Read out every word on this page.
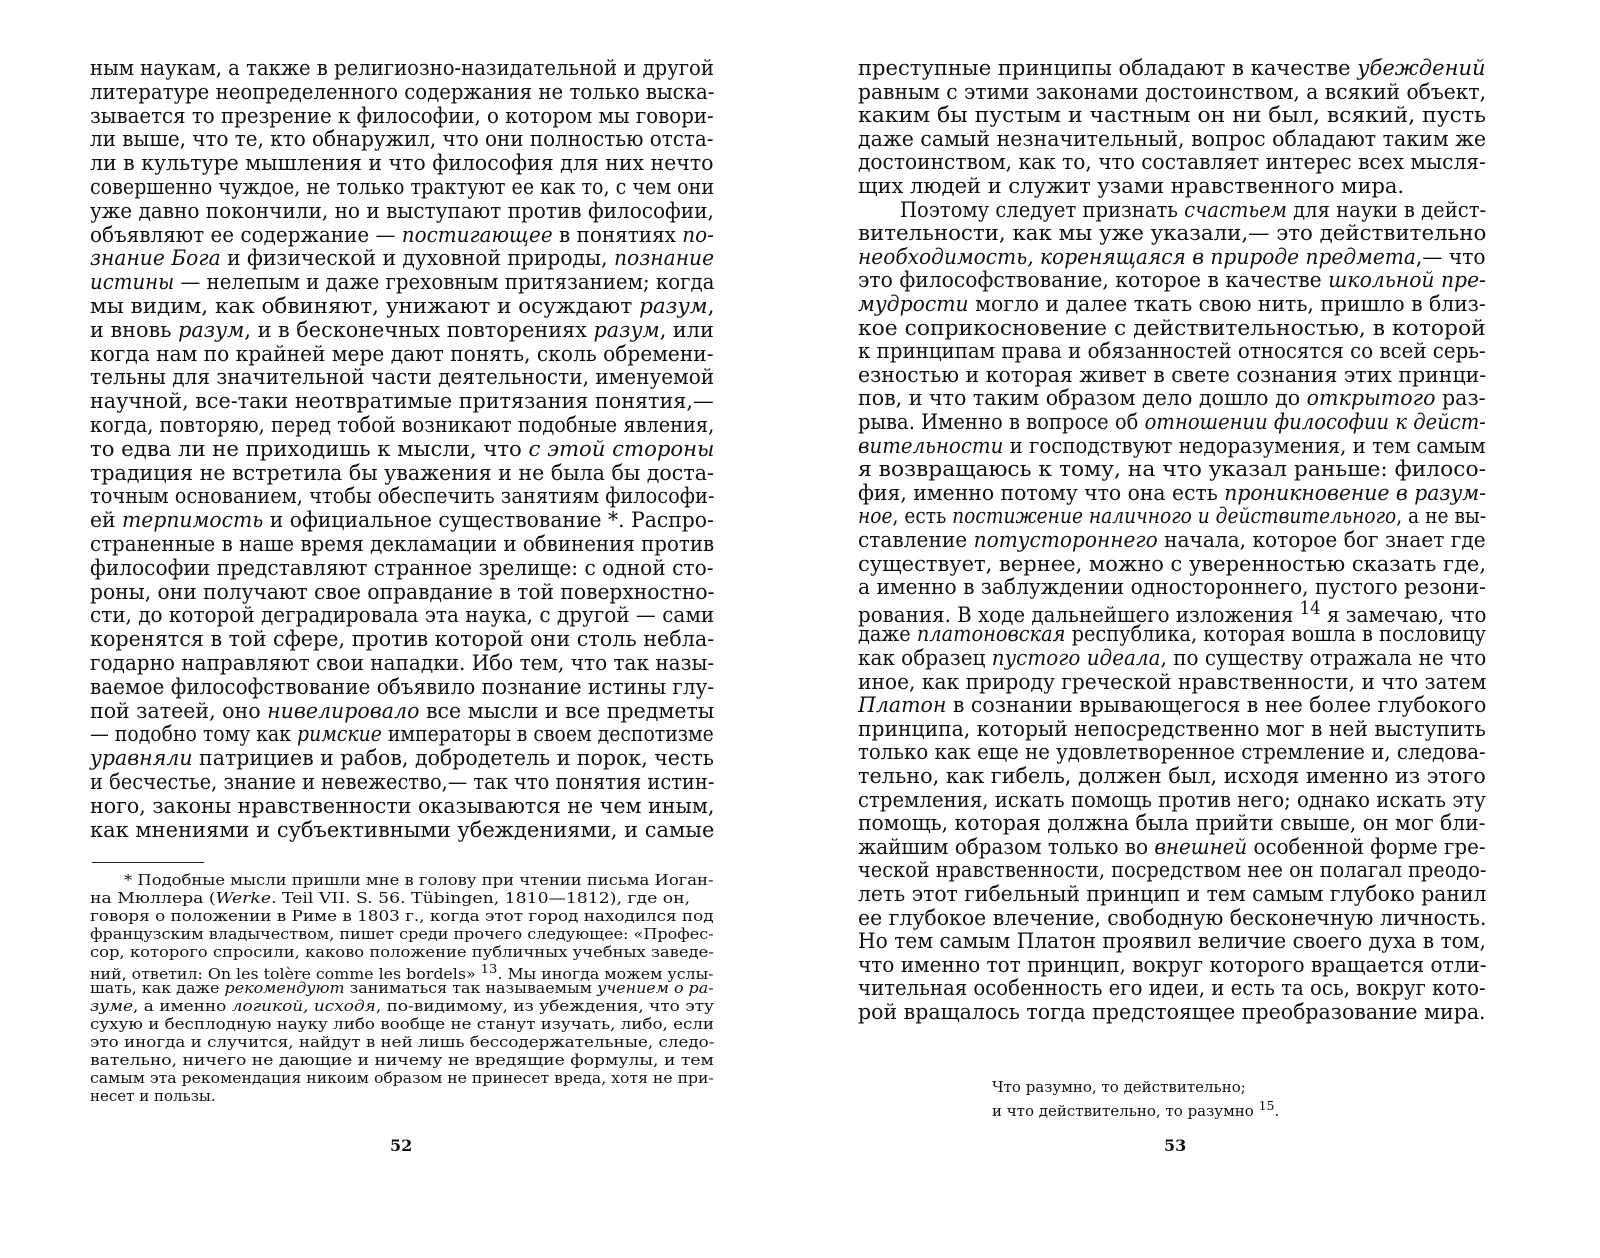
ным наукам, а также в религиозно-назидательной и другой
литературе неопределенного содержания не только выска-
зывается то презрение к философии, о котором мы говори-
ли выше, что те, кто обнаружил, что они полностью отста-
ли в культуре мышления и что философия для них нечто
совершенно чуждое, не только трактуют ее как то, с чем они
уже давно покончили, но и выступают против философии,
объявляют ее содержание — постигающее в понятиях по-
знание Бога и физической и духовной природы, познание
истины — нелепым и даже греховным притязанием; когда
мы видим, как обвиняют, унижают и осуждают разум,
и вновь разум, и в бесконечных повторениях разум, или
когда нам по крайней мере дают понять, сколь обремени-
тельны для значительной части деятельности, именуемой
научной, все-таки неотвратимые притязания понятия,—
когда, повторяю, перед тобой возникают подобные явления,
то едва ли не приходишь к мысли, что с этой стороны
традиция не встретила бы уважения и не была бы доста-
точным основанием, чтобы обеспечить занятиям философи-
ей терпимость и официальное существование *. Распро-
страненные в наше время декламации и обвинения против
философии представляют странное зрелище: с одной сто-
роны, они получают свое оправдание в той поверхностно-
сти, до которой деградировала эта наука, с другой — сами
коренятся в той сфере, против которой они столь небла-
годарно направляют свои нападки. Ибо тем, что так назы-
ваемое философствование объявило познание истины глу-
пой затеей, оно нивелировало все мысли и все предметы
— подобно тому как римские императоры в своем деспотизме
уравняли патрициев и рабов, добродетель и порок, честь
и бесчестье, знание и невежество,— так что понятия истин-
ного, законы нравственности оказываются не чем иным,
как мнениями и субъективными убеждениями, и самые
* Подобные мысли пришли мне в голову при чтении письма Иоган-
на Мюллера (Werke. Teil VII. S. 56. Tübingen, 1810—1812), где он,
говоря о положении в Риме в 1803 г., когда этот город находился под
французским владычеством, пишет среди прочего следующее: «Профес-
сор, которого спросили, каково положение публичных учебных заведе-
ний, ответил: On les tolère comme les bordels» $^{13}$. Мы иногда можем услы-
шать, как даже рекомендуют заниматься так называемым учением о ра-
зуме, а именно логикой, исходя, по-видимому, из убеждения, что эту
сухую и бесплодную науку либо вообще не станут изучать, либо, если
это иногда и случится, найдут в ней лишь бессодержательные, следо-
вательно, ничего не дающие и ничему не вредящие формулы, и тем
самым эта рекомендация никоим образом не принесет вреда, хотя не при-
несет и пользы.
52
преступные принципы обладают в качестве убеждений
равным с этими законами достоинством, а всякий объект,
каким бы пустым и частным он ни был, всякий, пусть
даже самый незначительный, вопрос обладают таким же
достоинством, как то, что составляет интерес всех мысля-
щих людей и служит узами нравственного мира.
Поэтому следует признать счастьем для науки в дейст-
вительности, как мы уже указали,— это действительно
необходимость, коренящаяся в природе предмета,— что
это философствование, которое в качестве школьной пре-
мудрости могло и далее ткать свою нить, пришло в близ-
кое соприкосновение с действительностью, в которой
к принципам права и обязанностей относятся со всей серь-
езностью и которая живет в свете сознания этих принци-
пов, и что таким образом дело дошло до открытого раз-
рыва. Именно в вопросе об отношении философии к дейст-
вительности и господствуют недоразумения, и тем самым
я возвращаюсь к тому, на что указал раньше: филосо-
фия, именно потому что она есть проникновение в разум-
ное, есть постижение наличного и действительного, а не вы-
ставление потустороннего начала, которое бог знает где
существует, вернее, можно с уверенностью сказать где,
а именно в заблуждении одностороннего, пустого резони-
рования. В ходе дальнейшего изложения $^{14}$ я замечаю, что
даже платоновская республика, которая вошла в пословицу
как образец пустого идеала, по существу отражала не что
иное, как природу греческой нравственности, и что затем
Платон в сознании врывающегося в нее более глубокого
принципа, который непосредственно мог в ней выступить
только как еще не удовлетворенное стремление и, следова-
тельно, как гибель, должен был, исходя именно из этого
стремления, искать помощь против него; однако искать эту
помощь, которая должна была прийти свыше, он мог бли-
жайшим образом только во внешней особенной форме гре-
ческой нравственности, посредством нее он полагал преодо-
леть этот гибельный принцип и тем самым глубоко ранил
ее глубокое влечение, свободную бесконечную личность.
Но тем самым Платон проявил величие своего духа в том,
что именно тот принцип, вокруг которого вращается отли-
чительная особенность его идеи, и есть та ось, вокруг кото-
рой вращалось тогда предстоящее преобразование мира.
Что разумно, то действительно;
и что действительно, то разумно $^{15}$.
53
